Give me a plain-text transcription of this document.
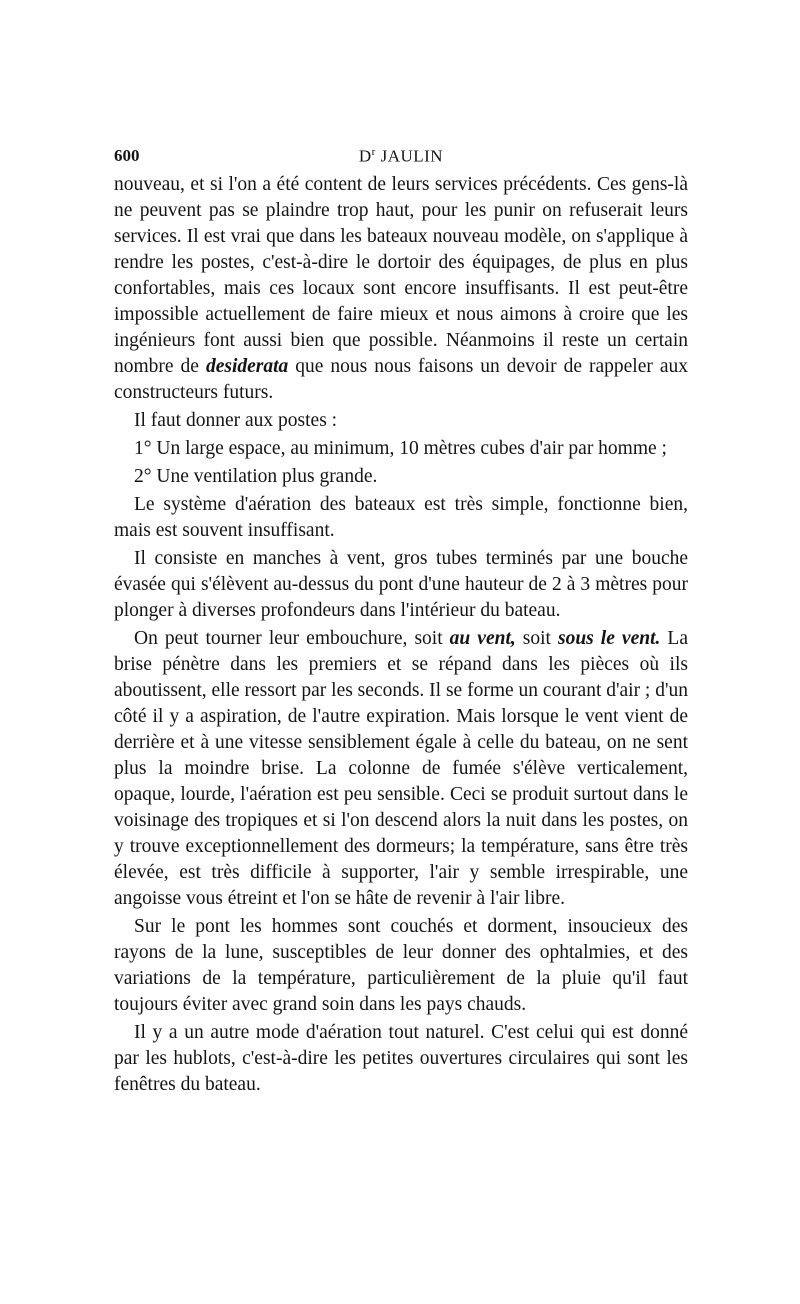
600	$D^r$ JAULIN

nouveau, et si l'on a été content de leurs services précédents. Ces gens-là ne peuvent pas se plaindre trop haut, pour les punir on refuserait leurs services. Il est vrai que dans les bateaux nouveau modèle, on s'applique à rendre les postes, c'est-à-dire le dortoir des équipages, de plus en plus confortables, mais ces locaux sont encore insuffisants. Il est peut-être impossible actuellement de faire mieux et nous aimons à croire que les ingénieurs font aussi bien que possible. Néanmoins il reste un certain nombre de desiderata que nous nous faisons un devoir de rappeler aux constructeurs futurs.

Il faut donner aux postes :

1° Un large espace, au minimum, 10 mètres cubes d'air par homme ;

2° Une ventilation plus grande.

Le système d'aération des bateaux est très simple, fonctionne bien, mais est souvent insuffisant.

Il consiste en manches à vent, gros tubes terminés par une bouche évasée qui s'élèvent au-dessus du pont d'une hauteur de 2 à 3 mètres pour plonger à diverses profondeurs dans l'intérieur du bateau.

On peut tourner leur embouchure, soit au vent, soit sous le vent. La brise pénètre dans les premiers et se répand dans les pièces où ils aboutissent, elle ressort par les seconds. Il se forme un courant d'air ; d'un côté il y a aspiration, de l'autre expiration. Mais lorsque le vent vient de derrière et à une vitesse sensiblement égale à celle du bateau, on ne sent plus la moindre brise. La colonne de fumée s'élève verticalement, opaque, lourde, l'aération est peu sensible. Ceci se produit surtout dans le voisinage des tropiques et si l'on descend alors la nuit dans les postes, on y trouve exceptionnellement des dormeurs; la température, sans être très élevée, est très difficile à supporter, l'air y semble irrespirable, une angoisse vous étreint et l'on se hâte de revenir à l'air libre.

Sur le pont les hommes sont couchés et dorment, insoucieux des rayons de la lune, susceptibles de leur donner des ophtalmies, et des variations de la température, particulièrement de la pluie qu'il faut toujours éviter avec grand soin dans les pays chauds.

Il y a un autre mode d'aération tout naturel. C'est celui qui est donné par les hublots, c'est-à-dire les petites ouvertures circulaires qui sont les fenêtres du bateau.
